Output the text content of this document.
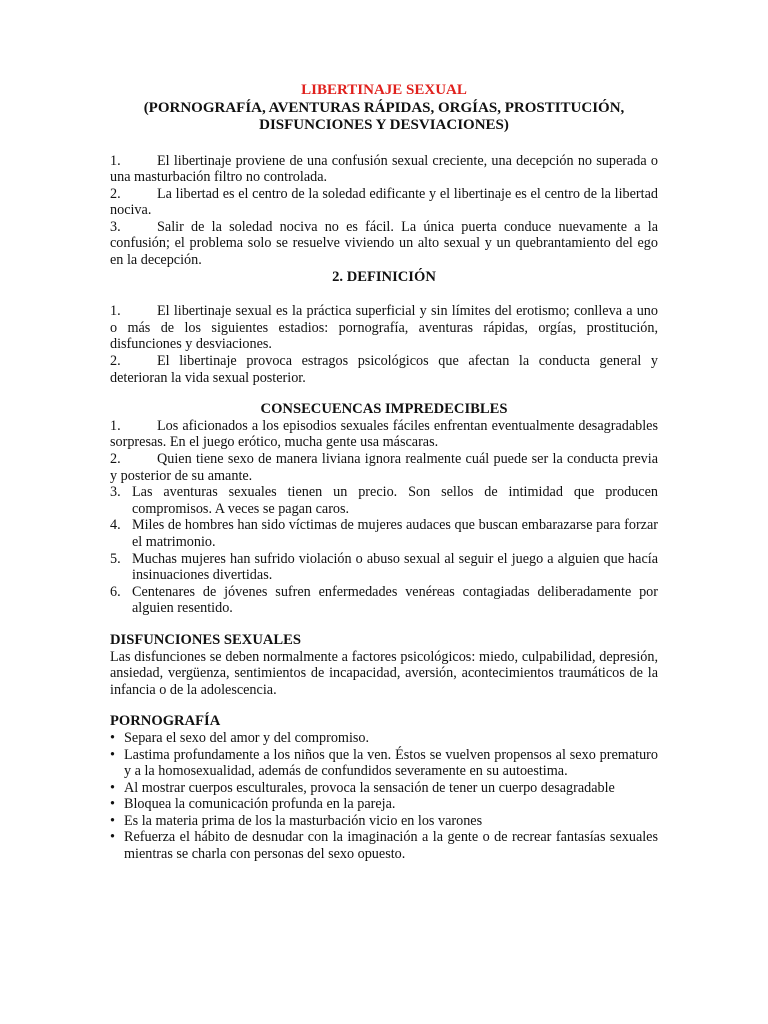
LIBERTINAJE SEXUAL
(PORNOGRAFÍA, AVENTURAS RÁPIDAS, ORGÍAS, PROSTITUCIÓN,
DISFUNCIONES Y DESVIACIONES)
1.	El libertinaje proviene de una confusión sexual creciente, una decepción no superada o una masturbación filtro no controlada.
2.	La libertad es el centro de la soledad edificante y el libertinaje es el centro de la libertad nociva.
3.	Salir de la soledad nociva no es fácil. La única puerta conduce nuevamente a la confusión; el problema solo se resuelve viviendo un alto sexual y un quebrantamiento del ego en la decepción.
2. DEFINICIÓN
1.	El libertinaje sexual es la práctica superficial y sin límites del erotismo; conlleva a uno o más de los siguientes estadios: pornografía, aventuras rápidas, orgías, prostitución, disfunciones y desviaciones.
2.	El libertinaje provoca estragos psicológicos que afectan la conducta general y deterioran la vida sexual posterior.
CONSECUENCAS IMPREDECIBLES
1.	Los aficionados a los episodios sexuales fáciles enfrentan eventualmente desagradables sorpresas. En el juego erótico, mucha gente usa máscaras.
2.	Quien tiene sexo de manera liviana ignora realmente cuál puede ser la conducta previa y posterior de su amante.
3. Las aventuras sexuales tienen un precio. Son sellos de intimidad que producen compromisos. A veces se pagan caros.
4. Miles de hombres han sido víctimas de mujeres audaces que buscan embarazarse para forzar el matrimonio.
5. Muchas mujeres han sufrido violación o abuso sexual al seguir el juego a alguien que hacía insinuaciones divertidas.
6. Centenares de jóvenes sufren enfermedades venéreas contagiadas deliberadamente por alguien resentido.
DISFUNCIONES SEXUALES

Las disfunciones se deben normalmente a factores psicológicos: miedo, culpabilidad, depresión, ansiedad, vergüenza, sentimientos de incapacidad, aversión, acontecimientos traumáticos de la infancia o de la adolescencia.

PORNOGRAFÍA
• Separa el sexo del amor y del compromiso.
• Lastima profundamente a los niños que la ven. Éstos se vuelven propensos al sexo prematuro y a la homosexualidad, además de confundidos severamente en su autoestima.
• Al mostrar cuerpos esculturales, provoca la sensación de tener un cuerpo desagradable
• Bloquea la comunicación profunda en la pareja.
• Es la materia prima de los la masturbación vicio en los varones
• Refuerza el hábito de desnudar con la imaginación a la gente o de recrear fantasías sexuales mientras se charla con personas del sexo opuesto.
